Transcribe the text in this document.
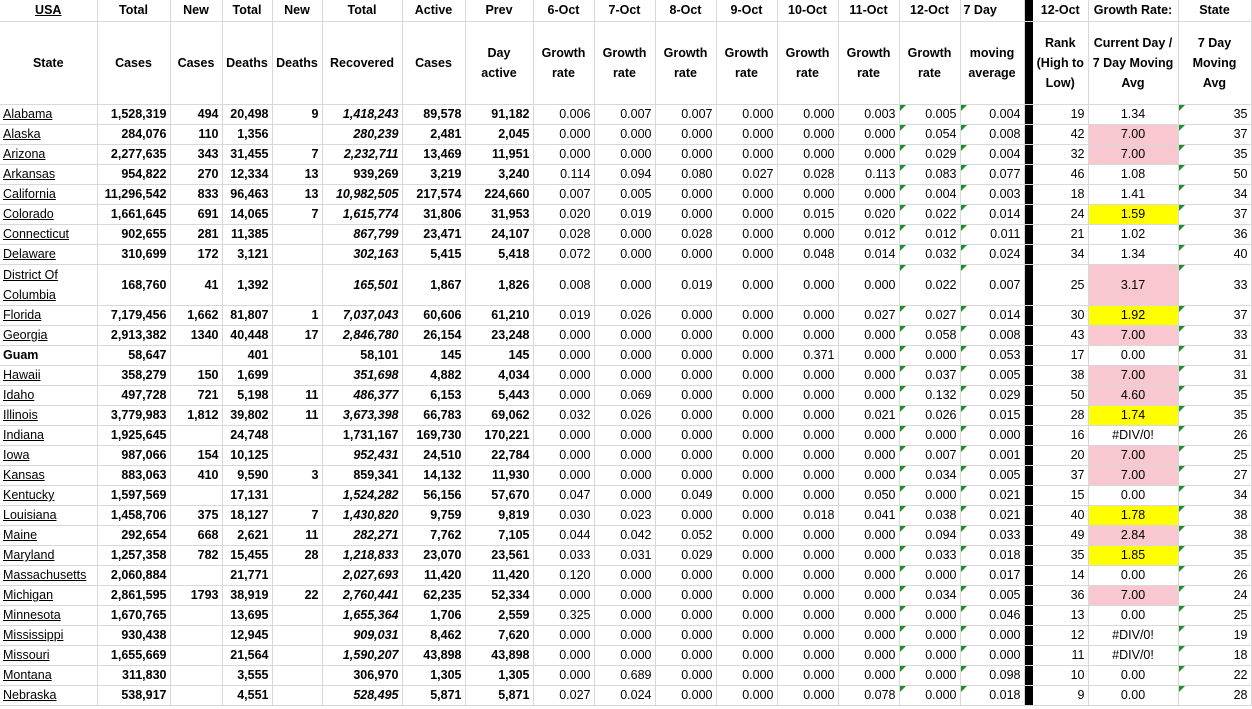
USA	Total	New	Total	New	Total	Active	Prev	6-Oct	7-Oct	8-Oct	9-Oct	10-Oct	11-Oct	12-Oct	7 Day		12-Oct	Growth Rate:	State
State	Cases	Cases	Deaths	Deaths	Recovered	Cases	Day active	Growth rate	Growth rate	Growth rate	Growth rate	Growth rate	Growth rate	Growth rate	moving average		Rank (High to Low)	Current Day / 7 Day Moving Avg	7 Day Moving Avg
Alabama	1,528,319	494	20,498	9	1,418,243	89,578	91,182	0.006	0.007	0.007	0.000	0.000	0.003	0.005	0.004		19	1.34	35
Alaska	284,076	110	1,356		280,239	2,481	2,045	0.000	0.000	0.000	0.000	0.000	0.000	0.054	0.008		42	7.00	37
Arizona	2,277,635	343	31,455	7	2,232,711	13,469	11,951	0.000	0.000	0.000	0.000	0.000	0.000	0.029	0.004		32	7.00	35
Arkansas	954,822	270	12,334	13	939,269	3,219	3,240	0.114	0.094	0.080	0.027	0.028	0.113	0.083	0.077		46	1.08	50
California	11,296,542	833	96,463	13	10,982,505	217,574	224,660	0.007	0.005	0.000	0.000	0.000	0.000	0.004	0.003		18	1.41	34
Colorado	1,661,645	691	14,065	7	1,615,774	31,806	31,953	0.020	0.019	0.000	0.000	0.015	0.020	0.022	0.014		24	1.59	37
Connecticut	902,655	281	11,385		867,799	23,471	24,107	0.028	0.000	0.028	0.000	0.000	0.012	0.012	0.011		21	1.02	36
Delaware	310,699	172	3,121		302,163	5,415	5,418	0.072	0.000	0.000	0.000	0.048	0.014	0.032	0.024		34	1.34	40
District Of Columbia	168,760	41	1,392		165,501	1,867	1,826	0.008	0.000	0.019	0.000	0.000	0.000	0.022	0.007		25	3.17	33
Florida	7,179,456	1,662	81,807	1	7,037,043	60,606	61,210	0.019	0.026	0.000	0.000	0.000	0.027	0.027	0.014		30	1.92	37
Georgia	2,913,382	1340	40,448	17	2,846,780	26,154	23,248	0.000	0.000	0.000	0.000	0.000	0.000	0.058	0.008		43	7.00	33
Guam	58,647		401		58,101	145	145	0.000	0.000	0.000	0.000	0.371	0.000	0.000	0.053		17	0.00	31
Hawaii	358,279	150	1,699		351,698	4,882	4,034	0.000	0.000	0.000	0.000	0.000	0.000	0.037	0.005		38	7.00	31
Idaho	497,728	721	5,198	11	486,377	6,153	5,443	0.000	0.069	0.000	0.000	0.000	0.000	0.132	0.029		50	4.60	35
Illinois	3,779,983	1,812	39,802	11	3,673,398	66,783	69,062	0.032	0.026	0.000	0.000	0.000	0.021	0.026	0.015		28	1.74	35
Indiana	1,925,645		24,748		1,731,167	169,730	170,221	0.000	0.000	0.000	0.000	0.000	0.000	0.000	0.000		16	#DIV/0!	26
Iowa	987,066	154	10,125		952,431	24,510	22,784	0.000	0.000	0.000	0.000	0.000	0.000	0.007	0.001		20	7.00	25
Kansas	883,063	410	9,590	3	859,341	14,132	11,930	0.000	0.000	0.000	0.000	0.000	0.000	0.034	0.005		37	7.00	27
Kentucky	1,597,569		17,131		1,524,282	56,156	57,670	0.047	0.000	0.049	0.000	0.000	0.050	0.000	0.021		15	0.00	34
Louisiana	1,458,706	375	18,127	7	1,430,820	9,759	9,819	0.030	0.023	0.000	0.000	0.018	0.041	0.038	0.021		40	1.78	38
Maine	292,654	668	2,621	11	282,271	7,762	7,105	0.044	0.042	0.052	0.000	0.000	0.000	0.094	0.033		49	2.84	38
Maryland	1,257,358	782	15,455	28	1,218,833	23,070	23,561	0.033	0.031	0.029	0.000	0.000	0.000	0.033	0.018		35	1.85	35
Massachusetts	2,060,884		21,771		2,027,693	11,420	11,420	0.120	0.000	0.000	0.000	0.000	0.000	0.000	0.017		14	0.00	26
Michigan	2,861,595	1793	38,919	22	2,760,441	62,235	52,334	0.000	0.000	0.000	0.000	0.000	0.000	0.034	0.005		36	7.00	24
Minnesota	1,670,765		13,695		1,655,364	1,706	2,559	0.325	0.000	0.000	0.000	0.000	0.000	0.000	0.046		13	0.00	25
Mississippi	930,438		12,945		909,031	8,462	7,620	0.000	0.000	0.000	0.000	0.000	0.000	0.000	0.000		12	#DIV/0!	19
Missouri	1,655,669		21,564		1,590,207	43,898	43,898	0.000	0.000	0.000	0.000	0.000	0.000	0.000	0.000		11	#DIV/0!	18
Montana	311,830		3,555		306,970	1,305	1,305	0.000	0.689	0.000	0.000	0.000	0.000	0.000	0.098		10	0.00	22
Nebraska	538,917		4,551		528,495	5,871	5,871	0.027	0.024	0.000	0.000	0.000	0.078	0.000	0.018		9	0.00	28
